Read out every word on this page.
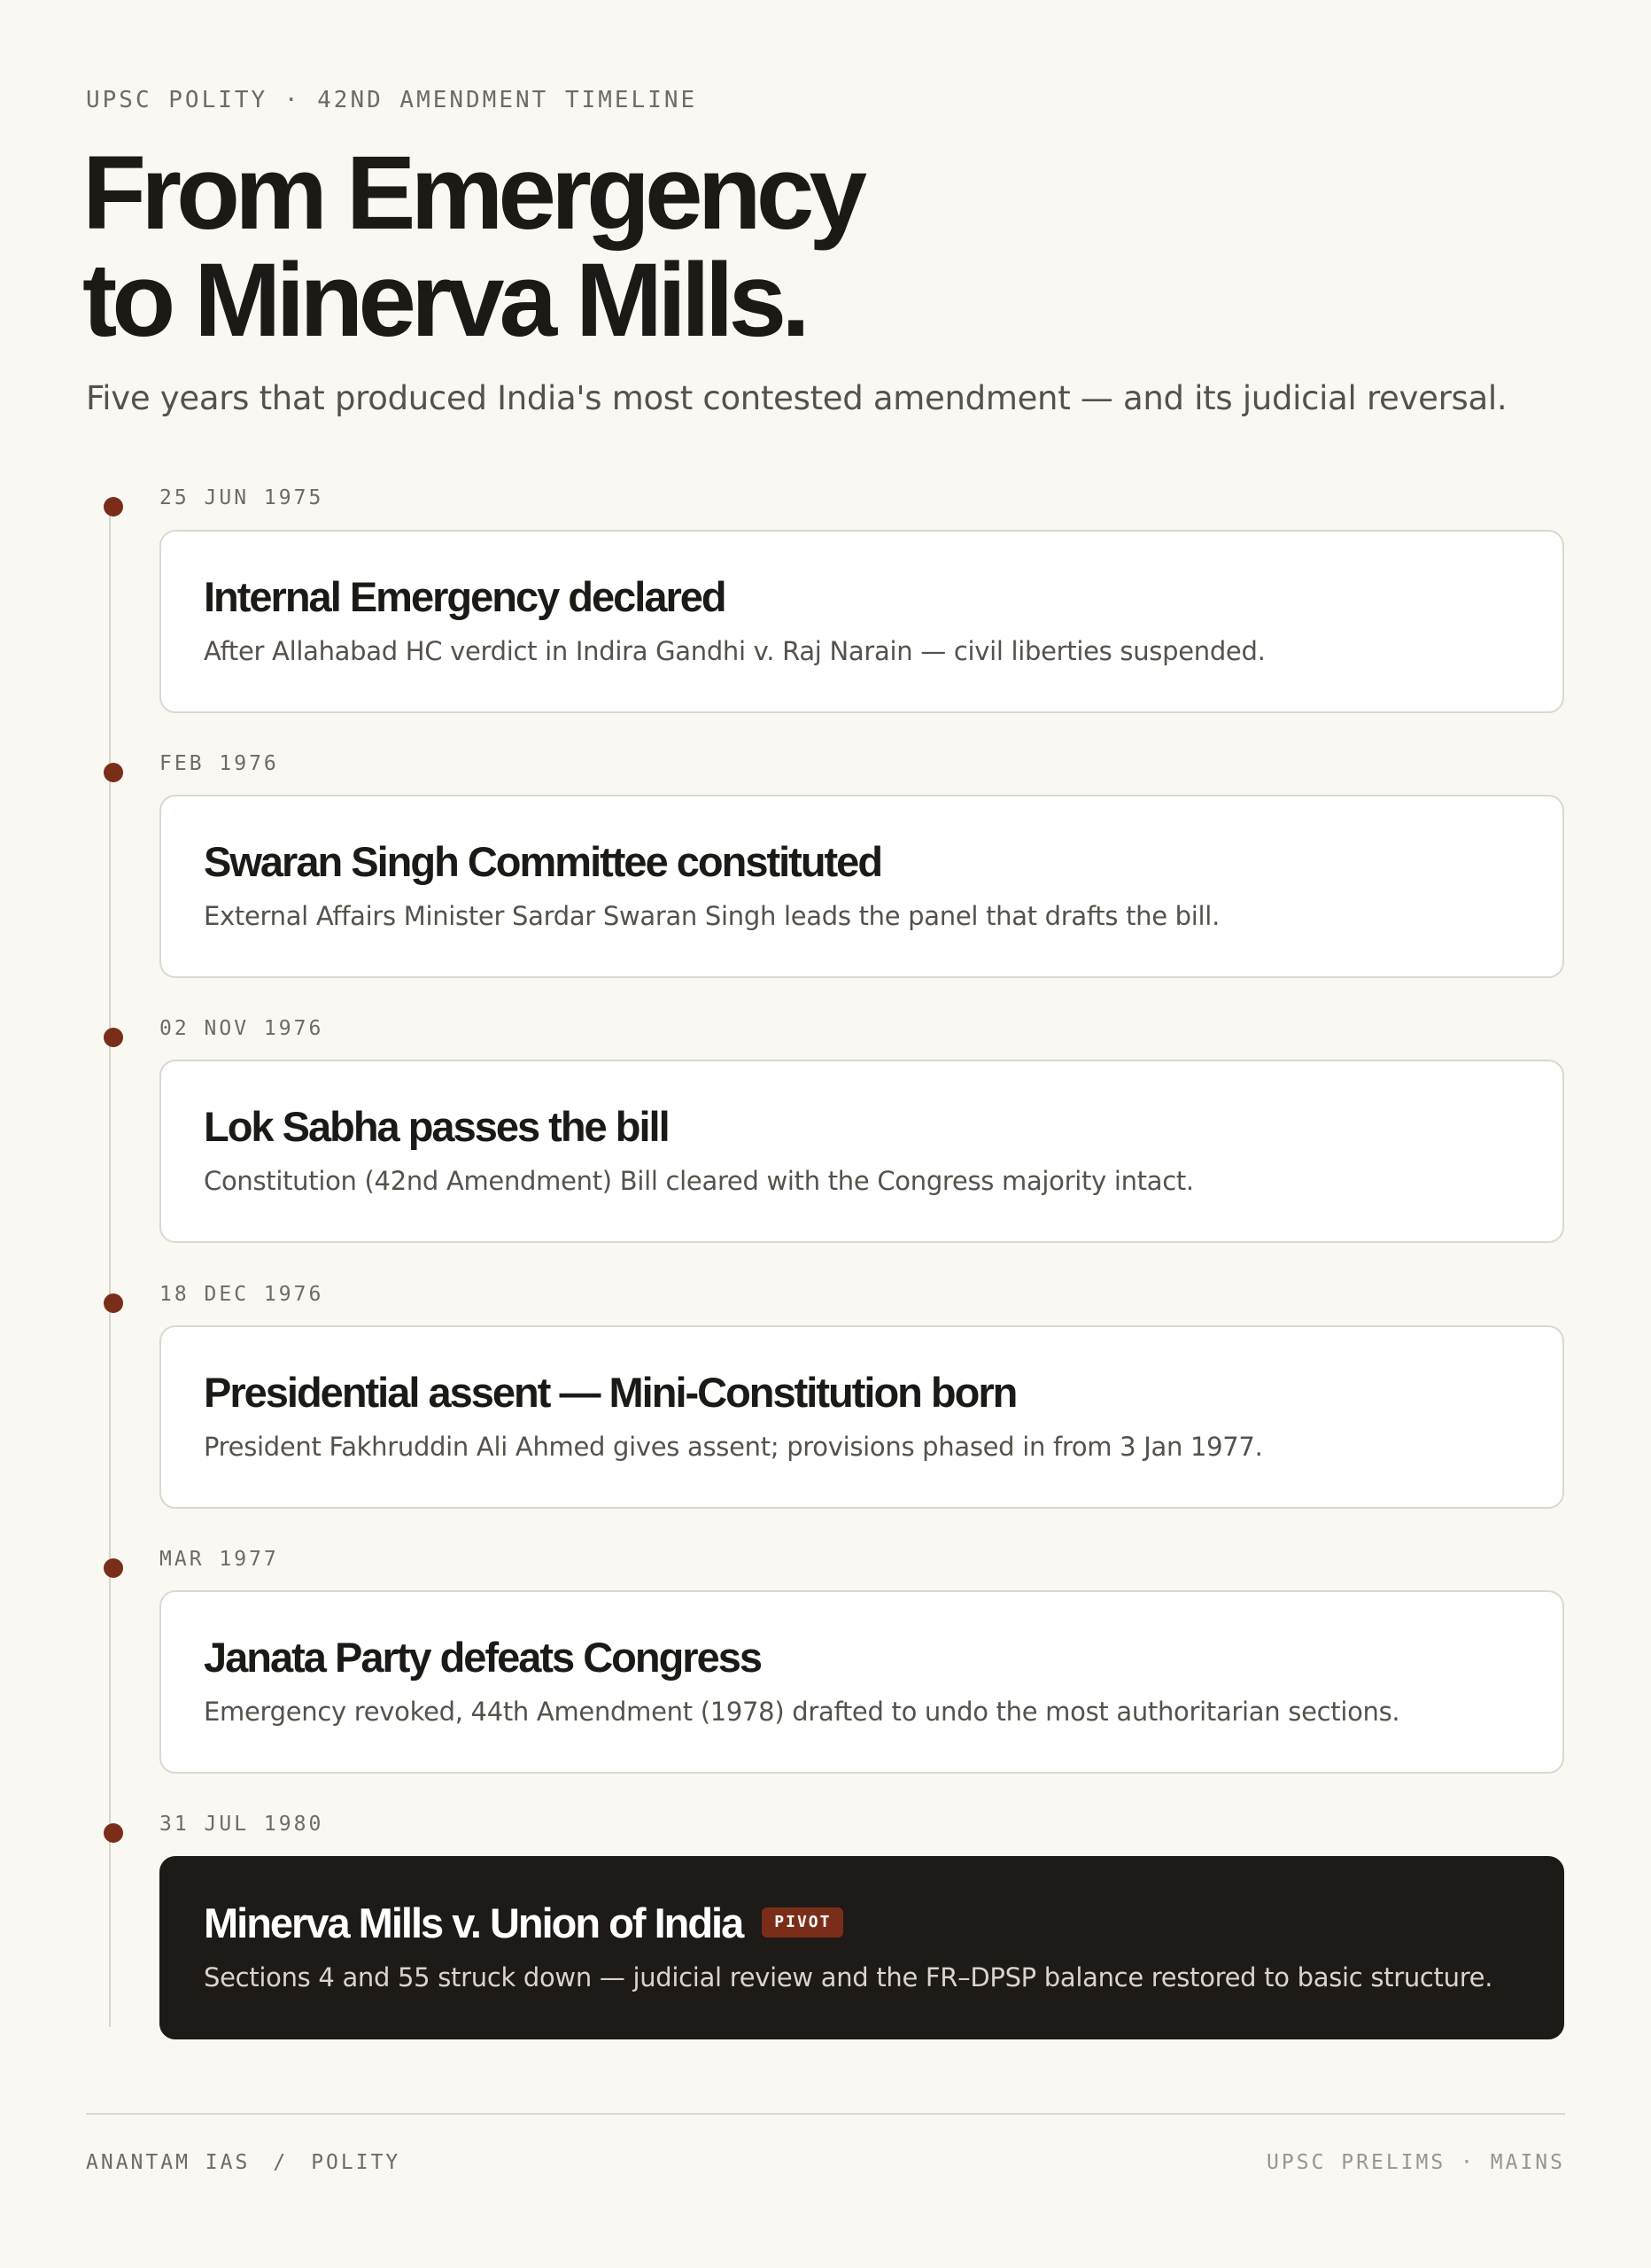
UPSC POLITY · 42ND AMENDMENT TIMELINE
From Emergency
to Minerva Mills.
Five years that produced India's most contested amendment — and its judicial reversal.
25 JUN 1975
Internal Emergency declared
After Allahabad HC verdict in Indira Gandhi v. Raj Narain — civil liberties suspended.
FEB 1976
Swaran Singh Committee constituted
External Affairs Minister Sardar Swaran Singh leads the panel that drafts the bill.
02 NOV 1976
Lok Sabha passes the bill
Constitution (42nd Amendment) Bill cleared with the Congress majority intact.
18 DEC 1976
Presidential assent — Mini-Constitution born
President Fakhruddin Ali Ahmed gives assent; provisions phased in from 3 Jan 1977.
MAR 1977
Janata Party defeats Congress
Emergency revoked, 44th Amendment (1978) drafted to undo the most authoritarian sections.
31 JUL 1980
Minerva Mills v. Union of India PIVOT
Sections 4 and 55 struck down — judicial review and the FR–DPSP balance restored to basic structure.
ANANTAM IAS / POLITY	UPSC PRELIMS · MAINS
